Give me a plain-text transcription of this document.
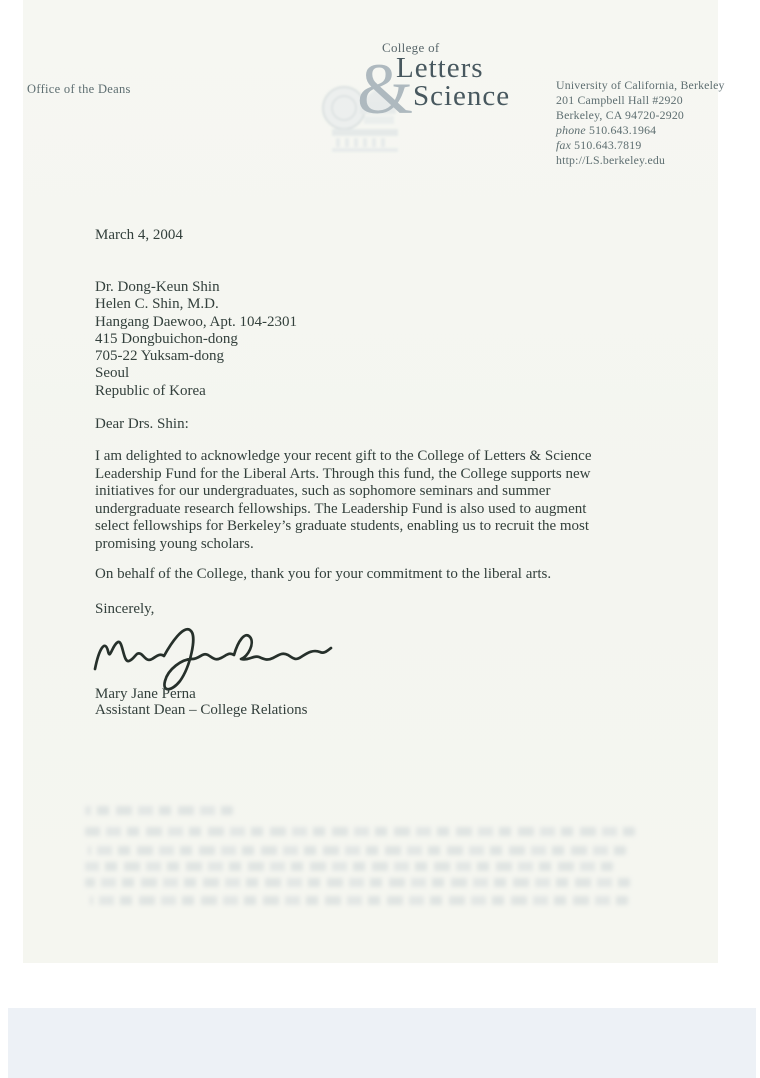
Office of the Deans	&
College of
Letters
Science	University of California, Berkeley
201 Campbell Hall #2920
Berkeley, CA 94720-2920
phone 510.643.1964
fax 510.643.7819
http://LS.berkeley.edu
March 4, 2004
Dr. Dong-Keun Shin
Helen C. Shin, M.D.
Hangang Daewoo, Apt. 104-2301
415 Dongbuichon-dong
705-22 Yuksam-dong
Seoul
Republic of Korea
Dear Drs. Shin:
I am delighted to acknowledge your recent gift to the College of Letters & Science
Leadership Fund for the Liberal Arts. Through this fund, the College supports new
initiatives for our undergraduates, such as sophomore seminars and summer
undergraduate research fellowships. The Leadership Fund is also used to augment
select fellowships for Berkeley’s graduate students, enabling us to recruit the most
promising young scholars.
On behalf of the College, thank you for your commitment to the liberal arts.
Sincerely,
Mary Jane Perna
Assistant Dean – College Relations
